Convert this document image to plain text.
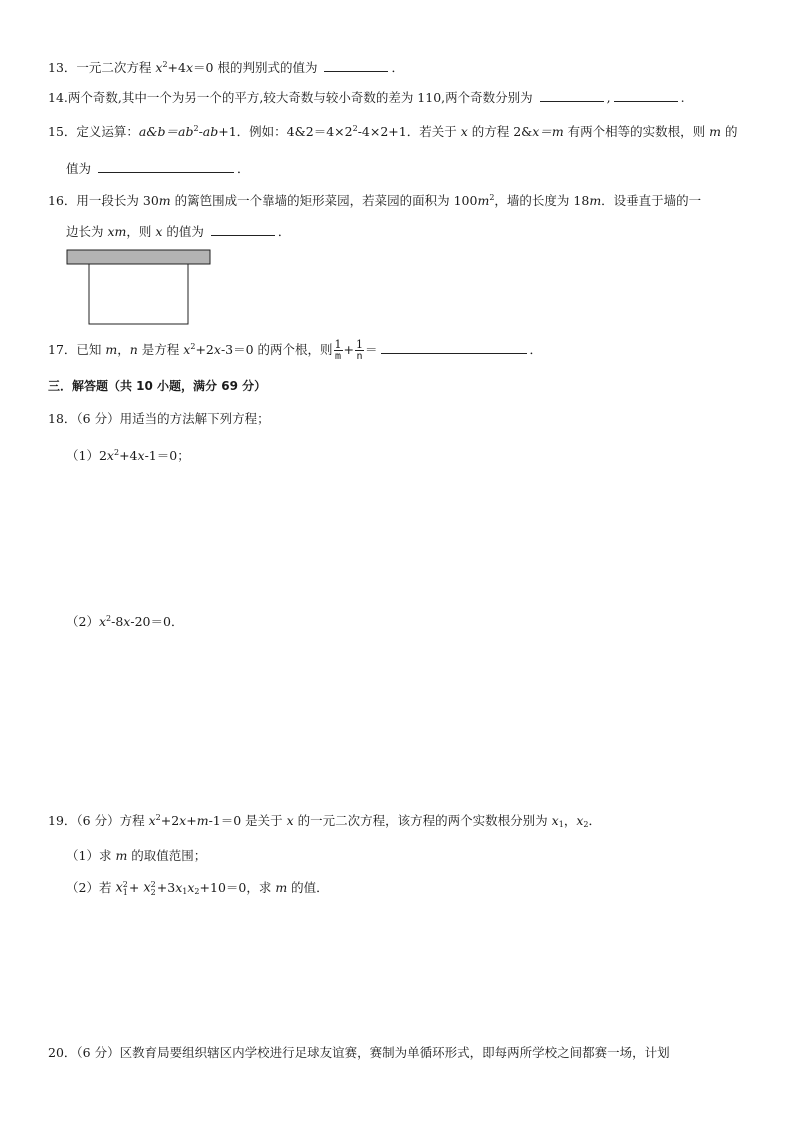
13．一元二次方程 $x^2+4x=0$ 根的判别式的值为	．
14.两个奇数,其中一个为另一个的平方,较大奇数与较小奇数的差为 110,两个奇数分别为	,	.
15．定义运算：$a\&b=ab^2-ab+1$．例如：$4\&2=4\times 2^2-4\times 2+1$．若关于 x 的方程 2&x＝m 有两个相等的实数根，则 m 的
值为	．
16．用一段长为 30m 的篱笆围成一个靠墙的矩形菜园，若菜园的面积为 $100m^2$，墙的长度为 18m．设垂直于墙的一
边长为 xm，则 x 的值为	．
17．已知 m，n 是方程 $x^2+2x-3=0$ 的两个根，则 $\frac{1}{m} + \frac{1}{n}$ ＝	．
三．解答题（共 10 小题，满分 69 分）
18．（6 分）用适当的方法解下列方程；
$(1)2x^2+4x-1=0$；
$(2)x^2-8x-20=0$．
19．（6 分）方程 $x^2+2x+m-1=0$ 是关于 x 的一元二次方程，该方程的两个实数根分别为 $x_1$，$x_2$．
（1）求 m 的取值范围；
（2）若 x 2
1 + x 2
$2 +3x_1x_2+10=0$，求 m 的值．
20．（6 分）区教育局要组织辖区内学校进行足球友谊赛，赛制为单循环形式，即每两所学校之间都赛一场，计划
